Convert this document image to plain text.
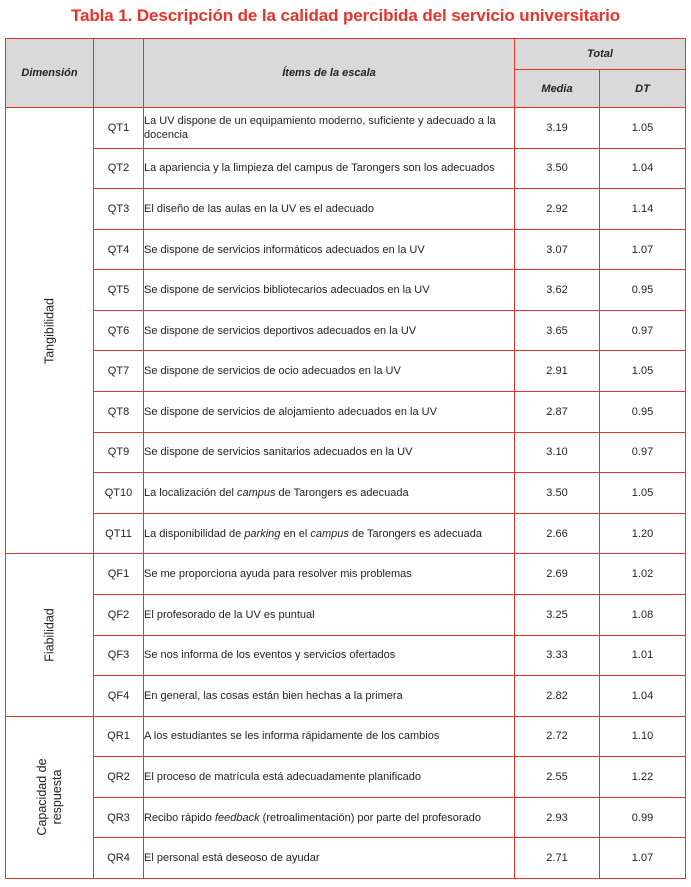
Tabla 1. Descripción de la calidad percibida del servicio universitario
Dimensión		Ítems de la escala	Total	
			Media	DT

Tangibilidad	QT1	La UV dispone de un equipamiento moderno, suficiente y adecuado a la docencia	3.19	1.05
	QT2	La apariencia y la limpieza del campus de Tarongers son los adecuados	3.50	1.04
	QT3	El diseño de las aulas en la UV es el adecuado	2.92	1.14
	QT4	Se dispone de servicios informáticos adecuados en la UV	3.07	1.07
	QT5	Se dispone de servicios bibliotecarios adecuados en la UV	3.62	0.95
	QT6	Se dispone de servicios deportivos adecuados en la UV	3.65	0.97
	QT7	Se dispone de servicios de ocio adecuados en la UV	2.91	1.05
	QT8	Se dispone de servicios de alojamiento adecuados en la UV	2.87	0.95
	QT9	Se dispone de servicios sanitarios adecuados en la UV	3.10	0.97
	QT10	La localización del campus de Tarongers es adecuada	3.50	1.05
	QT11	La disponibilidad de parking en el campus de Tarongers es adecuada	2.66	1.20

Fiabilidad	QF1	Se me proporciona ayuda para resolver mis problemas	2.69	1.02
	QF2	El profesorado de la UV es puntual	3.25	1.08
	QF3	Se nos informa de los eventos y servicios ofertados	3.33	1.01
	QF4	En general, las cosas están bien hechas a la primera	2.82	1.04

Capacidad de respuesta	QR1	A los estudiantes se les informa rápidamente de los cambios	2.72	1.10
	QR2	El proceso de matrícula está adecuadamente planificado	2.55	1.22
	QR3	Recibo rápido feedback (retroalimentación) por parte del profesorado	2.93	0.99
	QR4	El personal está deseoso de ayudar	2.71	1.07
